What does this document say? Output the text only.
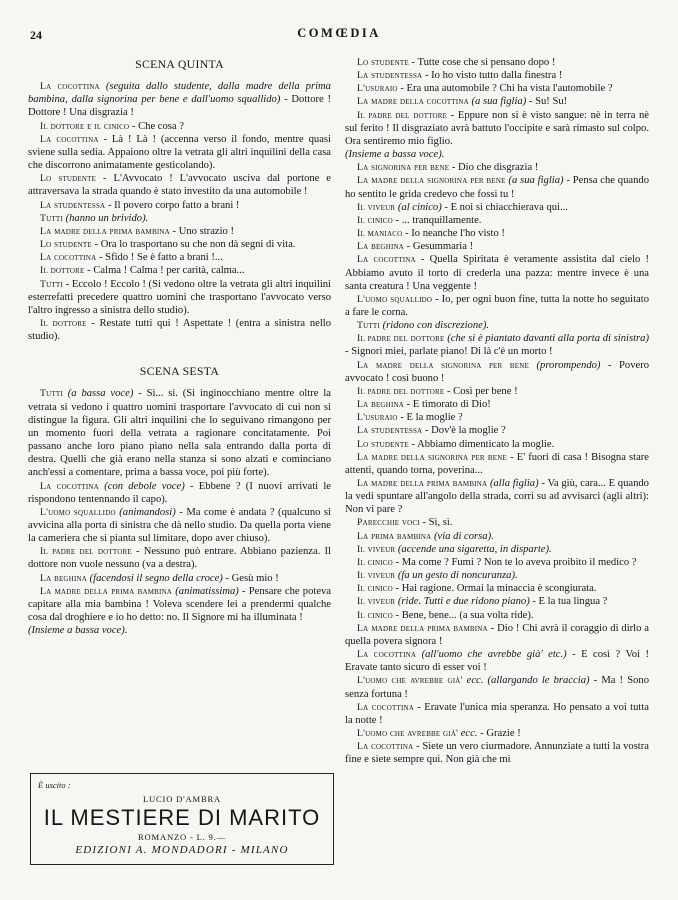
24	COMŒDIA
SCENA QUINTA

La cocottina (seguita dallo studente, dalla madre della prima bambina, dalla signorina per bene e dall'uomo squallido) - Dottore ! Dottore ! Una disgrazia !

Il dottore e il cinico - Che cosa ?

La cocottina - Là ! Là ! (accenna verso il fondo, mentre quasi sviene sulla sedia. Appaiono oltre la vetrata gli altri inquilini della casa che discorrono animatamente gesticolando).

Lo studente - L'Avvocato ! L'avvocato usciva dal portone e attraversava la strada quando è stato investito da una automobile !

La studentessa - Il povero corpo fatto a brani !

Tutti (hanno un brivido).

La madre della prima bambina - Uno strazio !

Lo studente - Ora lo trasportano su che non dà segni di vita.

La cocottina - Sfido ! Se è fatto a brani !...

Il dottore - Calma ! Calma ! per carità, calma...

Tutti - Eccolo ! Eccolo ! (Si vedono oltre la vetrata gli altri inquilini esterrefatti precedere quattro uomini che trasportano l'avvocato verso l'altro ingresso a sinistra dello studio).

Il dottore - Restate tutti qui ! Aspettate ! (entra a sinistra nello studio).

SCENA SESTA

Tutti (a bassa voce) - Si... si. (Si inginocchiano mentre oltre la vetrata si vedono i quattro uomini trasportare l'avvocato di cui non si distingue la figura. Gli altri inquilini che lo seguivano rimangono per un momento fuori della vetrata a ragionare concitatamente. Poi passano anche loro piano piano nella sala entrando dalla porta di destra. Quelli che già erano nella stanza si sono alzati e cominciano anch'essi a comentare, prima a bassa voce, poi più forte).

La cocottina (con debole voce) - Ebbene ? (I nuovi arrivati le rispondono tentennando il capo).

L'uomo squallido (animandosi) - Ma come è andata ? (qualcuno si avvicina alla porta di sinistra che dà nello studio. Da quella porta viene la cameriera che si pianta sul limitare, dopo aver chiuso).

Il padre del dottore - Nessuno può entrare. Abbiano pazienza. Il dottore non vuole nessuno (va a destra).

La beghina (facendosi il segno della croce) - Gesù mio !

La madre della prima bambina (animatissima) - Pensare che poteva capitare alla mia bambina ! Voleva scendere lei a prendermi qualche cosa dal droghiere e io ho detto: no. Il Signore mi ha illuminata !

(Insieme a bassa voce).

Lo studente - Tutte cose che si pensano dopo !

La studentessa - Io ho visto tutto dalla finestra !

L'usuraio - Era una automobile ? Chi ha vista l'automobile ?

La madre della cocottina (a sua figlia) - Su! Su!

Il padre del dottore - Eppure non si è visto sangue: nè in terra nè sul ferito ! Il disgraziato avrà battuto l'occipite e sarà rimasto sul colpo. Ora sentiremo mio figlio.

(Insieme a bassa voce).

La signorina per bene - Dio che disgrazia !

La madre della signorina per bene (a sua figlia) - Pensa che quando ho sentito le grida credevo che fossi tu !

Il viveur (al cinico) - E noi si chiacchierava qui...

Il cinico - ... tranquillamente.

Il maniaco - Io neanche l'ho visto !

La beghina - Gesummaria !

La cocottina - Quella Spiritata è veramente assistita dal cielo ! Abbiamo avuto il torto di crederla una pazza: mentre invece è una santa creatura ! Una veggente !

L'uomo squallido - Io, per ogni buon fine, tutta la notte ho seguitato a fare le corna.

Tutti (ridono con discrezione).

Il padre del dottore (che si è piantato davanti alla porta di sinistra) - Signori miei, parlate piano! Di là c'è un morto !

La madre della signorina per bene (prorompendo) - Povero avvocato ! così buono !

Il padre del dottore - Così per bene !

La beghina - E timorato di Dio!

L'usuraio - E la moglie ?

La studentessa - Dov'è la moglie ?

Lo studente - Abbiamo dimenticato la moglie.

La madre della signorina per bene - E' fuori di casa ! Bisogna stare attenti, quando torna, poverina...

La madre della prima bambina (alla figlia) - Va giù, cara... E quando la vedi spuntare all'angolo della strada, corri su ad avvisarci (agli altri): Non vi pare ?

Parecchie voci - Sì, sì.

La prima bambina (via di corsa).

Il viveur (accende una sigaretta, in disparte).

Il cinico - Ma come ? Fumi ? Non te lo aveva proibito il medico ?

Il viveur (fa un gesto di noncuranza).

Il cinico - Hai ragione. Ormai la minaccia è scongiurata.

Il viveur (ride. Tutti e due ridono piano) - E la tua lingua ?

Il cinico - Bene, bene... (a sua volta ride).

La madre della prima bambina - Dio ! Chi avrà il coraggio di dirlo a quella povera signora !

La cocottina (all'uomo che avrebbe già' etc.) - E così ? Voi ! Eravate tanto sicuro di esser voi !

L'uomo che avrebbe già' ecc. (allargando le braccia) - Ma ! Sono senza fortuna !

La cocottina - Eravate l'unica mia speranza. Ho pensato a voi tutta la notte !

L'uomo che avrebbe già' ecc. - Grazie !

La cocottina - Siete un vero ciurmadore. Annunziate a tutti la vostra fine e siete sempre qui. Non già che mi

È uscito :
LUCIO D'AMBRA
IL MESTIERE DI MARITO
ROMANZO - L. 9.—
EDIZIONI A. MONDADORI - MILANO
